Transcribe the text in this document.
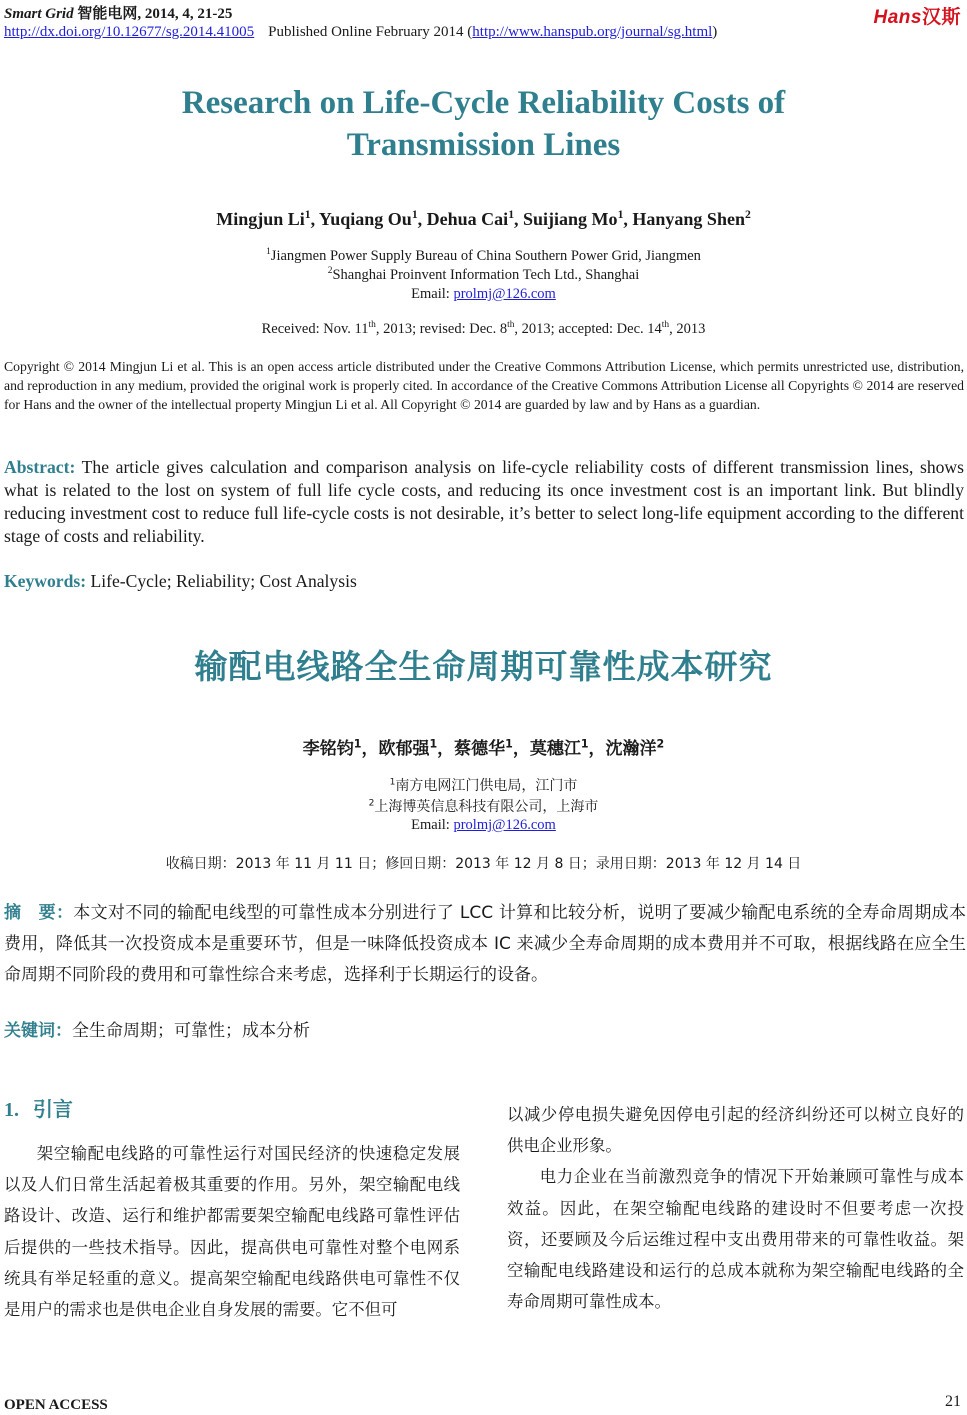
Smart Grid 智能电网, 2014, 4, 21-25
http://dx.doi.org/10.12677/sg.2014.41005 Published Online February 2014 (http://www.hanspub.org/journal/sg.html)
Hans汉斯
Research on Life-Cycle Reliability Costs of
Transmission Lines
Mingjun Li$^1$, Yuqiang Ou$^1$, Dehua Cai$^1$, Suijiang Mo$^1$, Hanyang Shen$^2$
$^1$Jiangmen Power Supply Bureau of China Southern Power Grid, Jiangmen
$^2$Shanghai Proinvent Information Tech Ltd., Shanghai
Email: prolmj@126.com
Received: Nov. 11th, 2013; revised: Dec. 8th, 2013; accepted: Dec. 14th, 2013
Copyright © 2014 Mingjun Li et al. This is an open access article distributed under the Creative Commons Attribution License, which permits unrestricted use, distribution, and reproduction in any medium, provided the original work is properly cited. In accordance of the Creative Commons Attribution License all Copyrights © 2014 are reserved for Hans and the owner of the intellectual property Mingjun Li et al. All Copyright © 2014 are guarded by law and by Hans as a guardian.
Abstract: The article gives calculation and comparison analysis on life-cycle reliability costs of different transmission lines, shows what is related to the lost on system of full life cycle costs, and reducing its once investment cost is an important link. But blindly reducing investment cost to reduce full life-cycle costs is not desirable, it’s better to select long-life equipment according to the different stage of costs and reliability.
Keywords: Life-Cycle; Reliability; Cost Analysis
输配电线路全生命周期可靠性成本研究
李铭钧$^1$，欧郁强$^1$，蔡德华$^1$，莫穗江$^1$，沈瀚洋$^2$
$^1$南方电网江门供电局，江门市
$^2$上海博英信息科技有限公司，上海市
Email: prolmj@126.com
收稿日期：2013 年 11 月 11 日；修回日期：2013 年 12 月 8 日；录用日期：2013 年 12 月 14 日
摘　要：本文对不同的输配电线型的可靠性成本分别进行了 LCC 计算和比较分析，说明了要减少输配电系统的全寿命周期成本费用，降低其一次投资成本是重要环节，但是一味降低投资成本 IC 来减少全寿命周期的成本费用并不可取，根据线路在应全生命周期不同阶段的费用和可靠性综合来考虑，选择利于长期运行的设备。
关键词：全生命周期；可靠性；成本分析
1. 引言

架空输配电线路的可靠性运行对国民经济的快速稳定发展以及人们日常生活起着极其重要的作用。另外，架空输配电线路设计、改造、运行和维护都需要架空输配电线路可靠性评估后提供的一些技术指导。因此，提高供电可靠性对整个电网系统具有举足轻重的意义。提高架空输配电线路供电可靠性不仅是用户的需求也是供电企业自身发展的需要。它不但可

以减少停电损失避免因停电引起的经济纠纷还可以树立良好的供电企业形象。

电力企业在当前激烈竞争的情况下开始兼顾可靠性与成本效益。因此，在架空输配电线路的建设时不但要考虑一次投资，还要顾及今后运维过程中支出费用带来的可靠性收益。架空输配电线路建设和运行的总成本就称为架空输配电线路的全寿命周期可靠性成本。

OPEN ACCESS	21
